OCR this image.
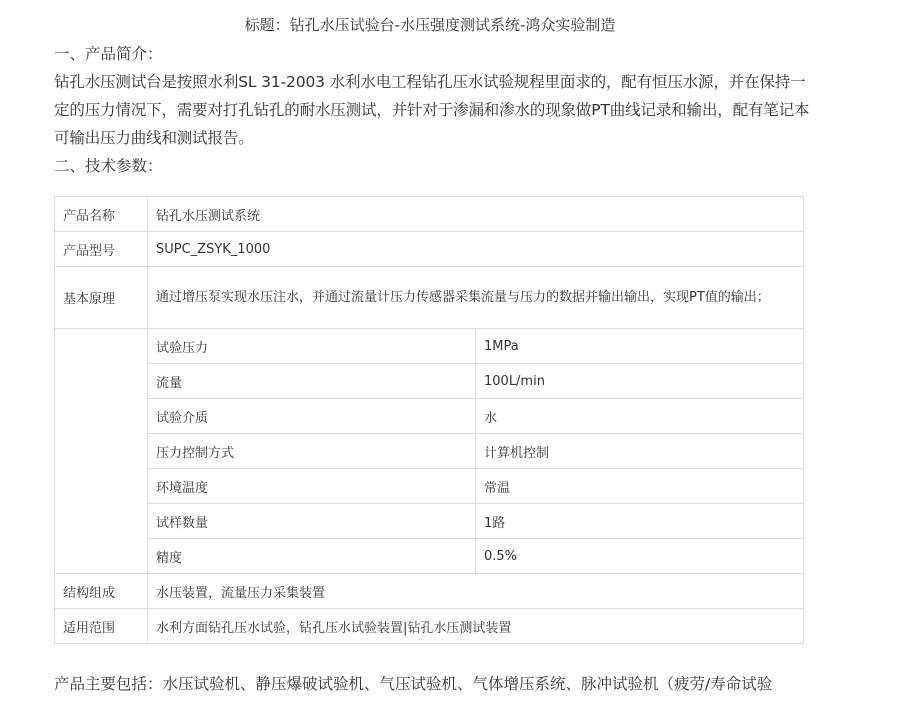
标题：钻孔水压试验台-水压强度测试系统-鸿众实验制造
一、产品简介：
钻孔水压测试台是按照水利SL 31-2003 水利水电工程钻孔压水试验规程里面求的，配有恒压水源，并在保持一定的压力情况下，需要对打孔钻孔的耐水压测试，并针对于渗漏和渗水的现象做PT曲线记录和输出，配有笔记本可输出压力曲线和测试报告。
二、技术参数：
产品名称	钻孔水压测试系统	
产品型号	SUPC_ZSYK_1000	
基本原理	通过增压泵实现水压注水，并通过流量计压力传感器采集流量与压力的数据并输出输出，实现PT值的输出；	
	试验压力	1MPa
	流量	100L/min
	试验介质	水
	压力控制方式	计算机控制
	环境温度	常温
	试样数量	1路
	精度	0.5%
结构组成	水压装置，流量压力采集装置	
适用范围	水利方面钻孔压水试验，钻孔压水试验装置|钻孔水压测试装置	
产品主要包括：水压试验机、静压爆破试验机、气压试验机、气体增压系统、脉冲试验机（疲劳/寿命试验
